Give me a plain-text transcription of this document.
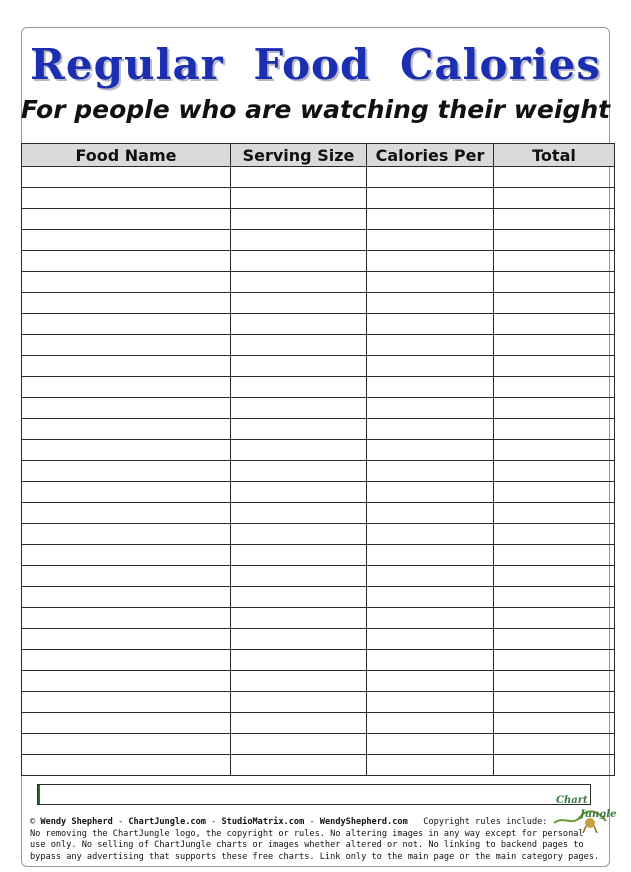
Regular Food Calories
For people who are watching their weight
Food Name	Serving Size	Calories Per	Total

Chart
Jungle
© Wendy Shepherd - ChartJungle.com - StudioMatrix.com - WendyShepherd.com Copyright rules include:
No removing the ChartJungle logo, the copyright or rules. No altering images in any way except for personal use only. No selling of ChartJungle charts or images whether altered or not. No linking to backend pages to bypass any advertising that supports these free charts. Link only to the main page or the main category pages.
